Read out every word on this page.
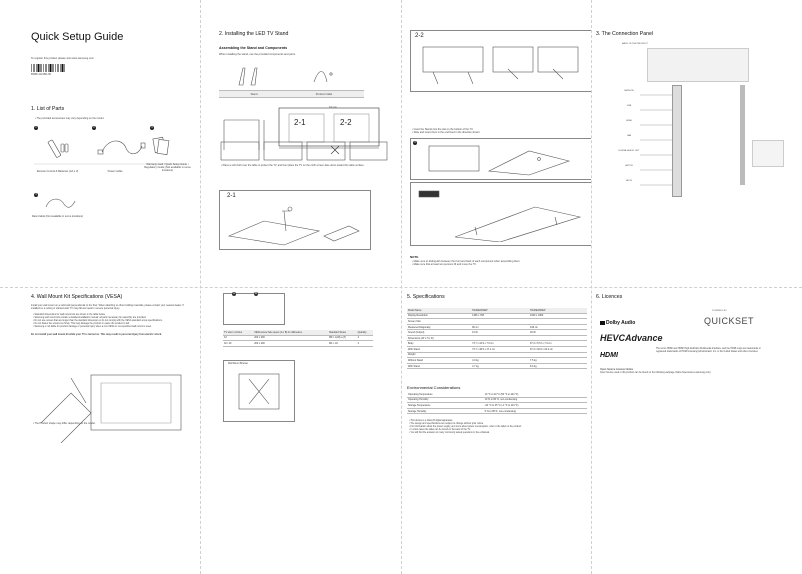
Quick Setup Guide
To register this product please visit www.samsung.com
BN68-11415D-00
1. List of Parts
• The provided accessories may vary depending on the model.
1	2	3
Remote Control & Batteries (AA x 2)	Power Cable
Warranty Card / Quick Setup Guide / Regulatory Guide (Not available in some locations)
4
Data Cable (Not available in some locations)
2. Installing the LED TV Stand
Assembling the Stand and Components
When installing the stand, use the provided components and parts.
Stand	Product Cable
16 mm
2-1	2-2
• Place a soft cloth over the table to protect the TV, and then place the TV on the cloth screen-face down toward the table surface.
2-1
2-2
• Insert the Stands into the slot on the bottom of the TV.
• Slide and insert them in the end fixed in the direction shown.
3
NOTE
• Make sure to distinguish between the front and back of each component when assembling them.
• Make sure that at least two persons lift and move the TV.
3. The Connection Panel
BACK OF THE PRODUCT
SERVICE
USB
HDMI
LAN
DIGITAL AUDIO OUT
ANT IN
AV IN
4. Wall Mount Kit Specifications (VESA)
Install your wall mount on a solid wall perpendicular to the floor. When attaching to other building materials, please contact your nearest dealer. If installed on a ceiling or slanted wall, TV may fall and result in severe personal injury.
• Standard dimensions for wall mount kits are shown in the table below.
• Samsung wall mount kits contain a detailed installation manual; all parts necessary for assembly are provided.
• Do not use screws that are longer than the standard dimension or do not comply with the VESA standard screw specifications.
• Do not fasten the screws too firmly. This may damage the product or cause the product to fall.
• Samsung is not liable for product damage or personal injury when a non-VESA or non-specified wall mount is used.
Do not install your wall mount kit while your TV is turned on. This may result in personal injury from electric shock.
• The Product shape may differ depending on the model.
A	B
TV size in inches	VESA screw hole specs (A x B) in millimetres	Standard Screw	Quantity
43	200 x 200	M8 × L(W)+L(T)	4
32 / 40	200 x 200	M4 × L8	4
Wall Mount Bracket
5. Specifications
Model Name	HG32EJ690W	HG43EJ690W
Display Resolution	1366 x 768	1920 x 1080
Screen Size		
Measured Diagonally	80 cm	108 cm
Sound (Output)	10 W	20 W
Dimensions (W x H x D)		
Body	73.7 x 43.9 x 7.6 cm	97.3 x 57.0 x 7.9 cm
With Stand	73.7 x 48.5 x 17.1 cm	97.3 x 62.6 x 20.2 cm
Weight		
Without Stand	4.3 kg	7.5 kg
With Stand	4.7 kg	8.0 kg
Environmental Considerations
Operating Temperature	10 °C to 40 °C (50 °F to 104 °F)
Operating Humidity	10 % to 80 %, non-condensing
Storage Temperature	-20 °C to 45 °C (-4 °F to 113 °F)
Storage Humidity	5 % to 95 %, non-condensing
• This device is a Class B digital apparatus.
• The design and specifications are subject to change without prior notice.
• For information about the power supply, and more about power consumption, refer to the label on the product.
• In most cases the label can be found on the back of the TV.
• You will find the answers to many commonly asked questions in the e-Manual.
6. Licences
POWERED BY
QUICKSET
Dolby Audio
HEVCAdvance
HDMI
The terms HDMI and HDMI High-Definition Multimedia Interface, and the HDMI Logo are trademarks or registered trademarks of HDMI Licensing Administrator, Inc. in the United States and other countries.
Open Source Licence Notice
Open Source used in this product can be found on the following webpage (https://opensource.samsung.com)
